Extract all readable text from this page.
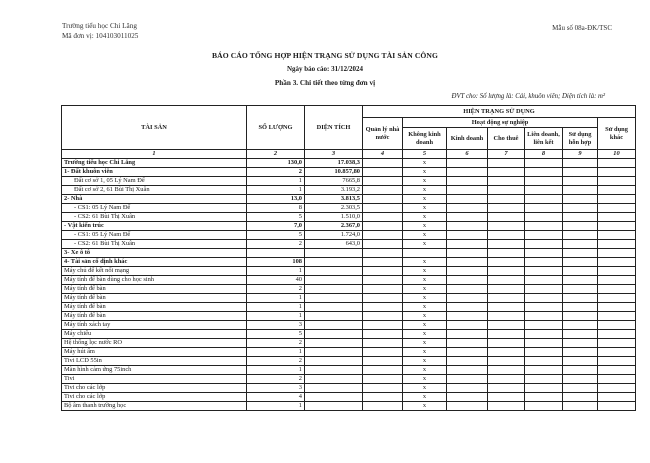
Trường tiểu học Chi Lăng
Mã đơn vị: 104103011025
Mẫu số 08a-ĐK/TSC
BÁO CÁO TỔNG HỢP HIỆN TRẠNG SỬ DỤNG TÀI SẢN CÔNG
Ngày báo cáo: 31/12/2024
Phần 3. Chi tiết theo từng đơn vị
ĐVT cho: Số lượng là: Cái, khuôn viên; Diện tích là: m²
TÀI SẢN	SỐ LƯỢNG	DIỆN TÍCH	HIỆN TRẠNG SỬ DỤNG						
			Quản lý nhà nước	Hoạt động sự nghiệp					Sử dụng khác
				Không kinh doanh	Kinh doanh	Cho thuê	Liên doanh, liên kết	Sử dụng hỗn hợp	
1	2	3	4	5	6	7	8	9	10
Trường tiểu học Chi Lăng	130,0	17.038,3		x					
1- Đất khuôn viên	2	10.857,80		x					
Đất cơ sở 1, 05 Lý Nam Đế	1	7665,8		x					
Đất cơ sở 2, 61 Bùi Thị Xuân	1	3.193,2		x					
2- Nhà	13,0	3.813,5		x					
- CS1: 05 Lý Nam Đế	8	2.303,5		x					
- CS2: 61 Bùi Thị Xuân	5	1.510,0		x					
- Vật kiến trúc	7,0	2.367,0		x					
- CS1: 05 Lý Nam Đế	5	1.724,0		x					
- CS2: 61 Bùi Thị Xuân	2	643,0		x					
3- Xe ô tô									
4- Tài sản cố định khác	108			x					
Máy chủ để kết nối mạng	1			x					
Máy tính để bàn dùng cho học sinh	40			x					
Máy tính để bàn	2			x					
Máy tính để bàn	1			x					
Máy tính để bàn	1			x					
Máy tính để bàn	1			x					
Máy tính xách tay	3			x					
Máy chiếu	5			x					
Hệ thống lọc nước RO	2			x					
Máy hút ẩm	1			x					
Tivi LCD 55in	2			x					
Màn hình cảm ứng 75inch	1			x					
Tivi	2			x					
Tivi cho các lớp	3			x					
Tivi cho các lớp	4			x					
Bộ âm thanh trường học	1			x					
